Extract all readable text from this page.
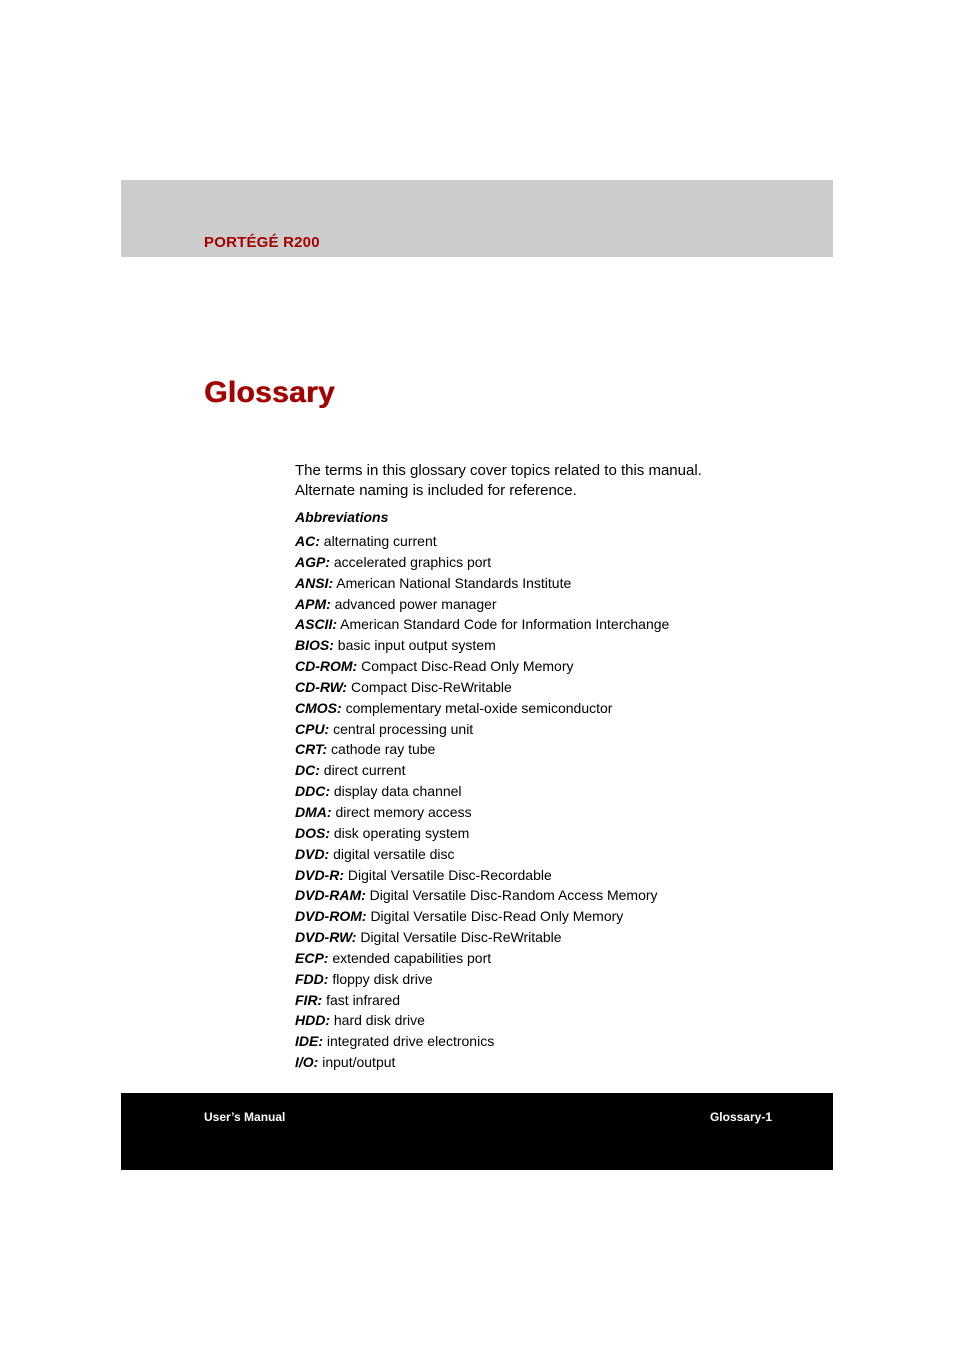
PORTÉGÉ R200
Glossary

The terms in this glossary cover topics related to this manual.

Alternate naming is included for reference.

Abbreviations
AC: alternating current
AGP: accelerated graphics port
ANSI: American National Standards Institute
APM: advanced power manager
ASCII: American Standard Code for Information Interchange
BIOS: basic input output system
CD-ROM: Compact Disc-Read Only Memory
CD-RW: Compact Disc-ReWritable
CMOS: complementary metal-oxide semiconductor
CPU: central processing unit
CRT: cathode ray tube
DC: direct current
DDC: display data channel
DMA: direct memory access
DOS: disk operating system
DVD: digital versatile disc
DVD-R: Digital Versatile Disc-Recordable
DVD-RAM: Digital Versatile Disc-Random Access Memory
DVD-ROM: Digital Versatile Disc-Read Only Memory
DVD-RW: Digital Versatile Disc-ReWritable
ECP: extended capabilities port
FDD: floppy disk drive
FIR: fast infrared
HDD: hard disk drive
IDE: integrated drive electronics
I/O: input/output
User’s Manual	Glossary-1
